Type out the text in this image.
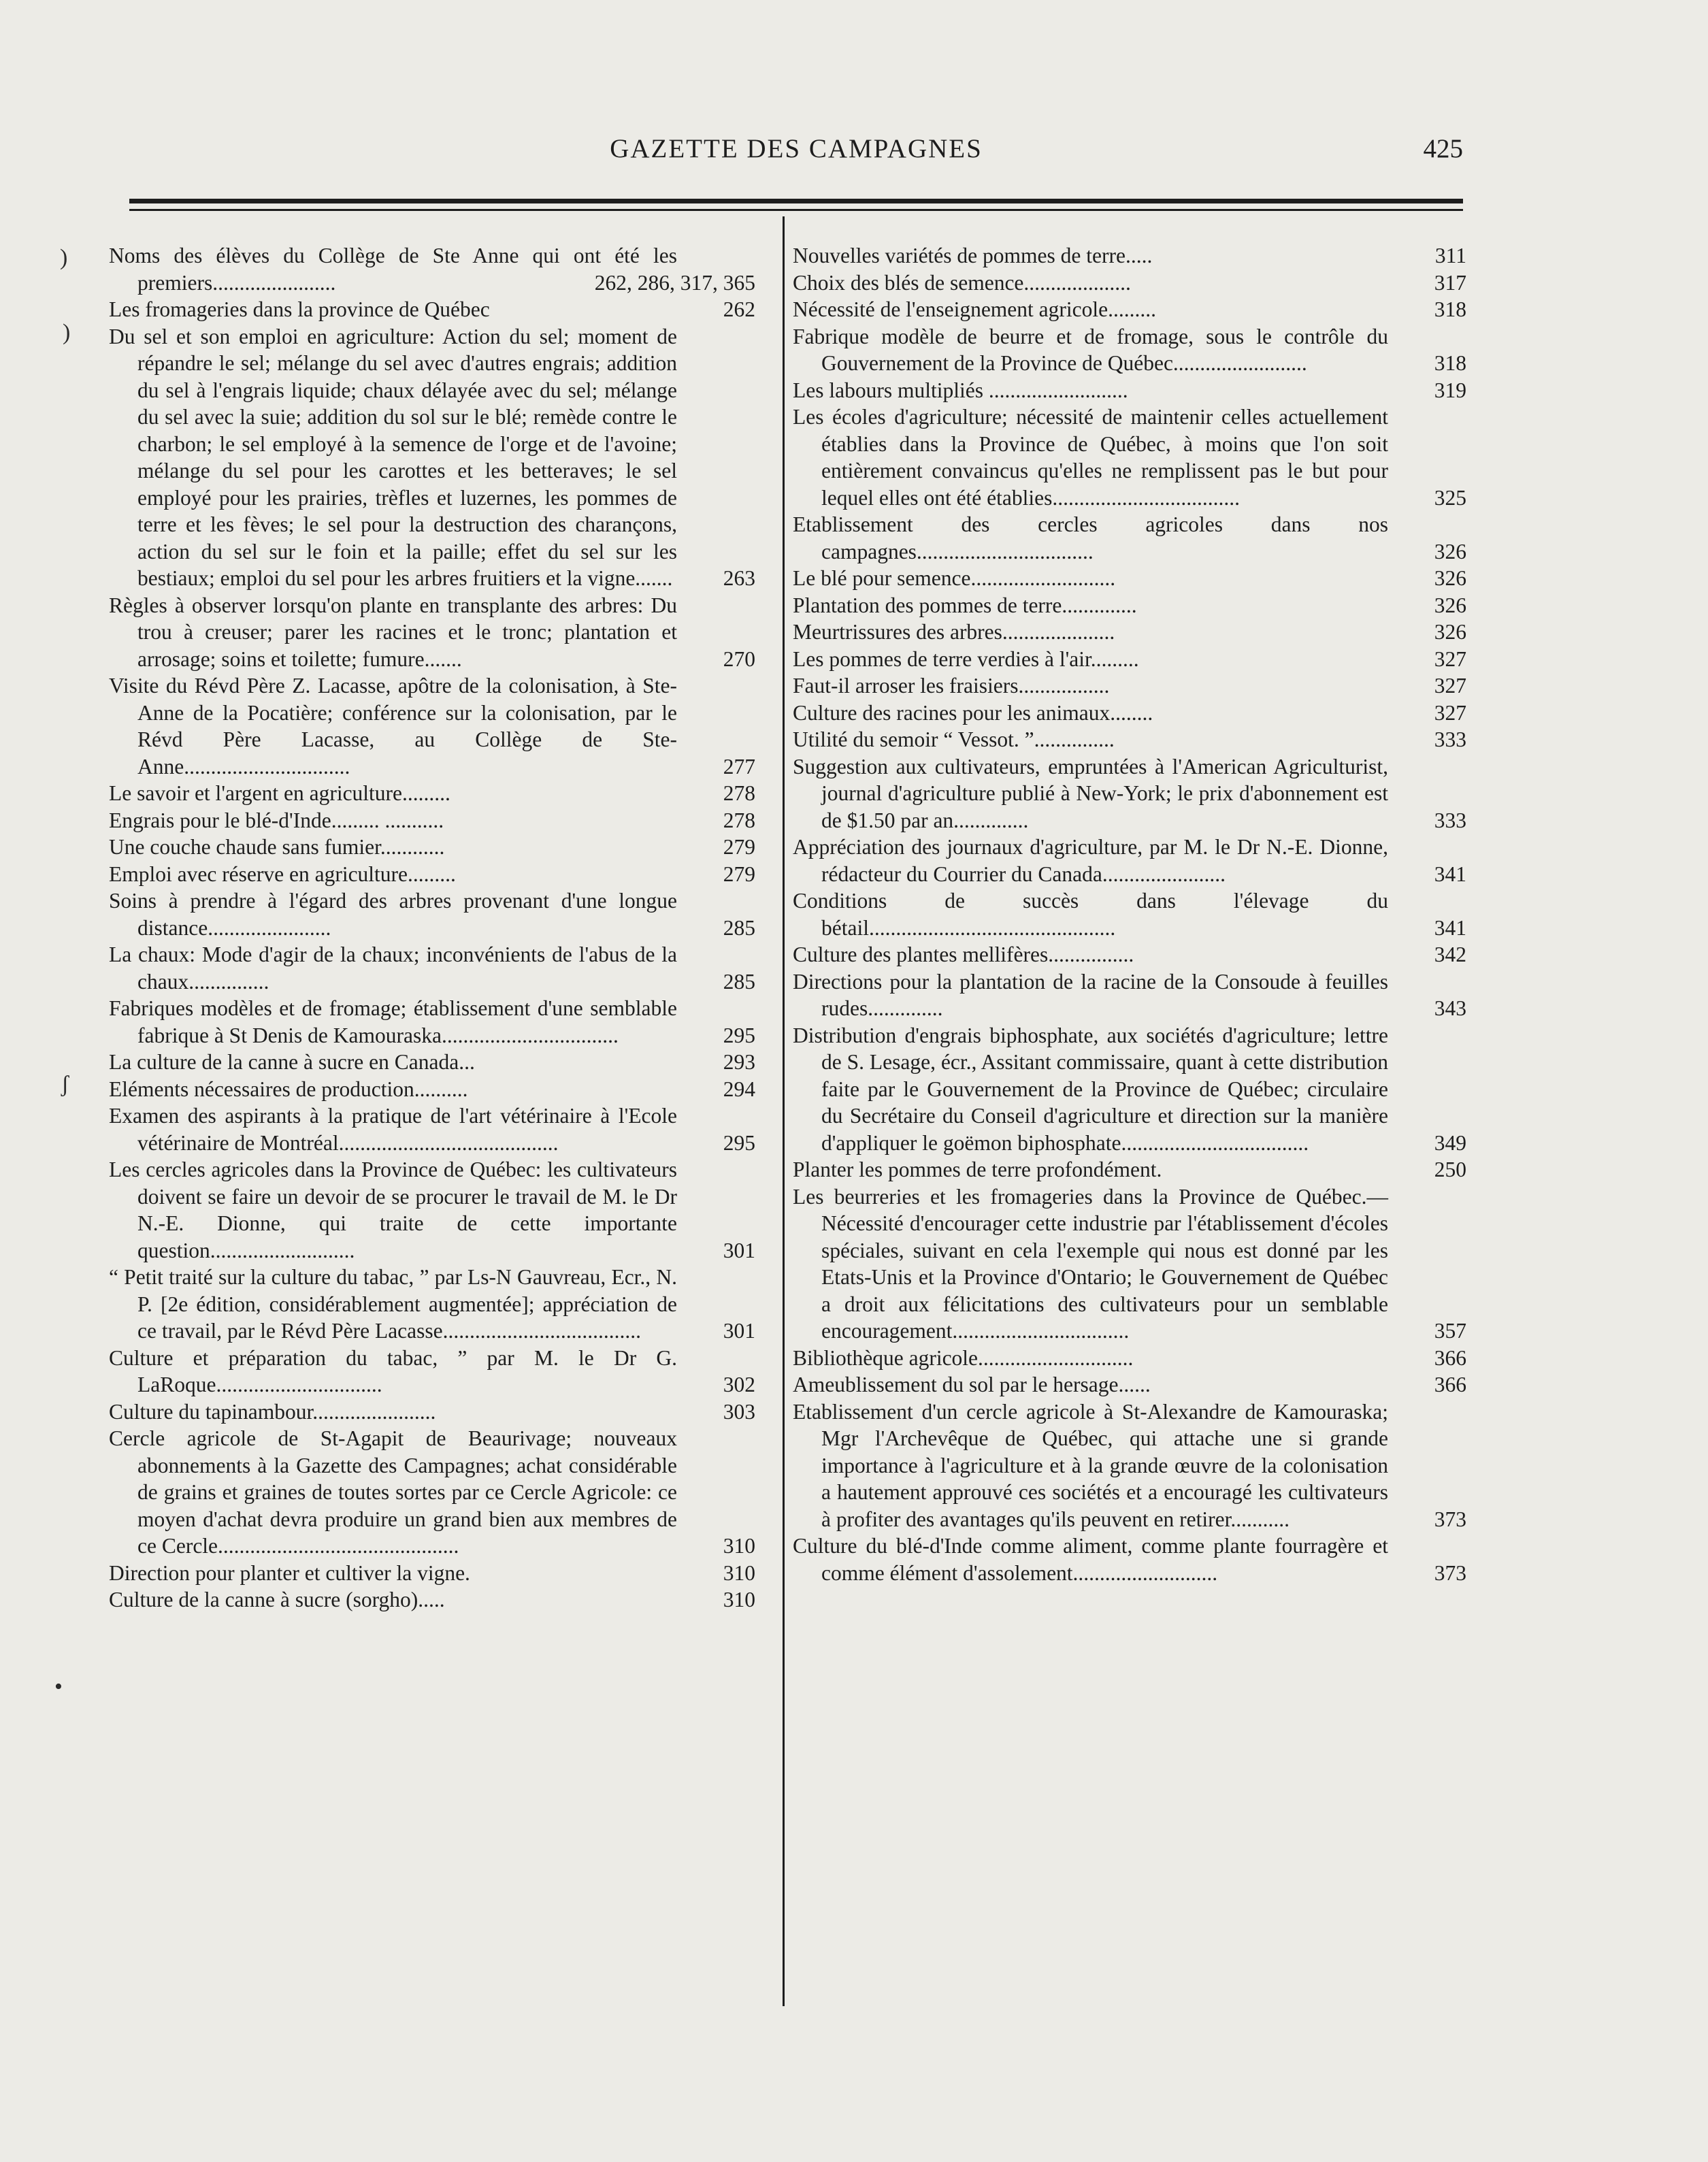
GAZETTE DES CAMPAGNES	425
)
)
ʃ
•
Noms des élèves du Collège de Ste Anne qui ont été les premiers.......................	262, 286, 317, 365
Les fromageries dans la province de Québec	262
Du sel et son emploi en agriculture: Action du sel; moment de répandre le sel; mélange du sel avec d'autres engrais; addition du sel à l'engrais liquide; chaux délayée avec du sel; mélange du sel avec la suie; addition du sol sur le blé; remède contre le charbon; le sel employé à la semence de l'orge et de l'avoine; mélange du sel pour les carottes et les betteraves; le sel employé pour les prairies, trèfles et luzernes, les pommes de terre et les fèves; le sel pour la destruction des charançons, action du sel sur le foin et la paille; effet du sel sur les bestiaux; emploi du sel pour les arbres fruitiers et la vigne....... 263
Règles à observer lorsqu'on plante en transplante des arbres: Du trou à creuser; parer les racines et le tronc; plantation et arrosage; soins et toilette; fumure.......	270
Visite du Révd Père Z. Lacasse, apôtre de la colonisation, à Ste-Anne de la Pocatière; conférence sur la colonisation, par le Révd Père Lacasse, au Collège de Ste-Anne...............................	277
Le savoir et l'argent en agriculture.........	278
Engrais pour le blé-d'Inde......... ...........	278
Une couche chaude sans fumier............	279
Emploi avec réserve en agriculture.........	279
Soins à prendre à l'égard des arbres provenant d'une longue distance.......................	285
La chaux: Mode d'agir de la chaux; inconvénients de l'abus de la chaux...............	285
Fabriques modèles et de fromage; établissement d'une semblable fabrique à St Denis de Kamouraska.................................	295
La culture de la canne à sucre en Canada...	293
Eléments nécessaires de production..........	294
Examen des aspirants à la pratique de l'art vétérinaire à l'Ecole vétérinaire de Montréal.........................................	295
Les cercles agricoles dans la Province de Québec: les cultivateurs doivent se faire un devoir de se procurer le travail de M. le Dr N.-E. Dionne, qui traite de cette importante question...........................	301
“ Petit traité sur la culture du tabac, ” par Ls-N Gauvreau, Ecr., N. P. [2e édition, considérablement augmentée]; appréciation de ce travail, par le Révd Père Lacasse.....................................	301
Culture et préparation du tabac, ” par M. le Dr G. LaRoque...............................	302
Culture du tapinambour.......................	303
Cercle agricole de St-Agapit de Beaurivage; nouveaux abonnements à la Gazette des Campagnes; achat considérable de grains et graines de toutes sortes par ce Cercle Agricole: ce moyen d'achat devra produire un grand bien aux membres de ce Cercle.............................................	310
Direction pour planter et cultiver la vigne.	310
Culture de la canne à sucre (sorgho).....	310
Nouvelles variétés de pommes de terre.....	311
Choix des blés de semence....................	317
Nécessité de l'enseignement agricole.........	318
Fabrique modèle de beurre et de fromage, sous le contrôle du Gouvernement de la Province de Québec.........................	318
Les labours multipliés ..........................	319
Les écoles d'agriculture; nécessité de maintenir celles actuellement établies dans la Province de Québec, à moins que l'on soit entièrement convaincus qu'elles ne remplissent pas le but pour lequel elles ont été établies...................................	325
Etablissement des cercles agricoles dans nos campagnes.................................	326
Le blé pour semence...........................	326
Plantation des pommes de terre..............	326
Meurtrissures des arbres.....................	326
Les pommes de terre verdies à l'air.........	327
Faut-il arroser les fraisiers.................	327
Culture des racines pour les animaux........	327
Utilité du semoir “ Vessot. ”...............	333
Suggestion aux cultivateurs, empruntées à l'American Agriculturist, journal d'agriculture publié à New-York; le prix d'abonnement est de $1.50 par an..............	333
Appréciation des journaux d'agriculture, par M. le Dr N.-E. Dionne, rédacteur du Courrier du Canada.......................	341
Conditions de succès dans l'élevage du bétail..............................................	341
Culture des plantes mellifères................	342
Directions pour la plantation de la racine de la Consoude à feuilles rudes..............	343
Distribution d'engrais biphosphate, aux sociétés d'agriculture; lettre de S. Lesage, écr., Assitant commissaire, quant à cette distribution faite par le Gouvernement de la Province de Québec; circulaire du Secrétaire du Conseil d'agriculture et direction sur la manière d'appliquer le goëmon biphosphate...................................	349
Planter les pommes de terre profondément.	250
Les beurreries et les fromageries dans la Province de Québec.—Nécessité d'encourager cette industrie par l'établissement d'écoles spéciales, suivant en cela l'exemple qui nous est donné par les Etats-Unis et la Province d'Ontario; le Gouvernement de Québec a droit aux félicitations des cultivateurs pour un semblable encouragement.................................	357
Bibliothèque agricole.............................	366
Ameublissement du sol par le hersage......	366
Etablissement d'un cercle agricole à St-Alexandre de Kamouraska; Mgr l'Archevêque de Québec, qui attache une si grande importance à l'agriculture et à la grande œuvre de la colonisation a hautement approuvé ces sociétés et a encouragé les cultivateurs à profiter des avantages qu'ils peuvent en retirer...........	373
Culture du blé-d'Inde comme aliment, comme plante fourragère et comme élément d'assolement...........................	373
